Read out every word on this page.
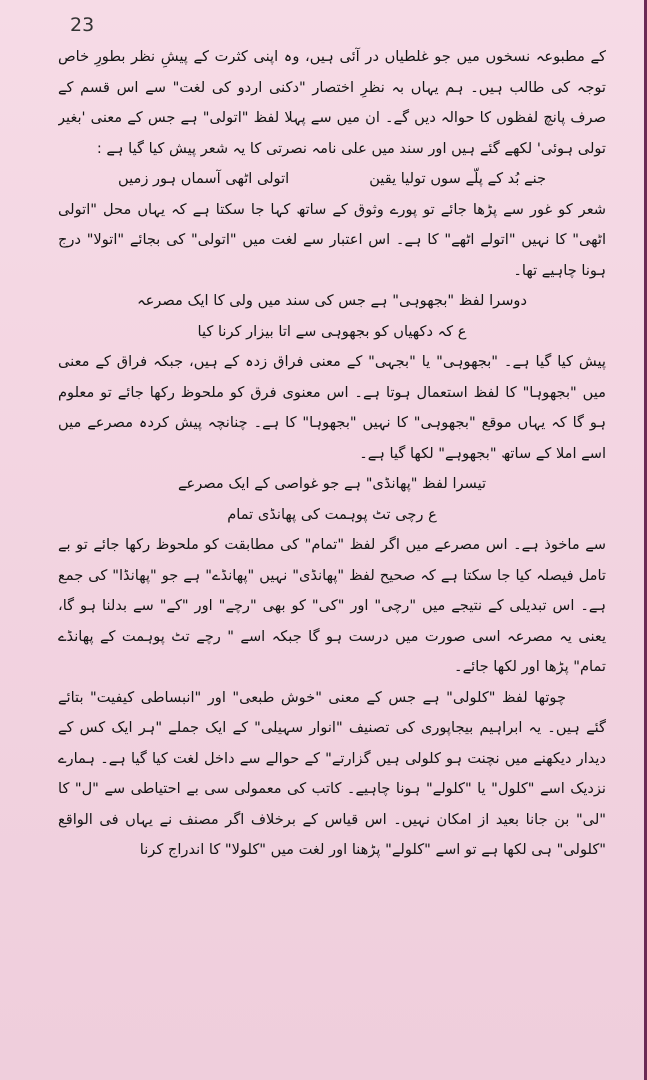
23

کے مطبوعہ نسخوں میں جو غلطیاں در آئی ہیں، وہ اپنی کثرت کے پیشِ نظر بطورِ خاص توجہ کی طالب ہیں۔ ہم یہاں بہ نظرِ اختصار "دکنی اردو کی لغت" سے اس قسم کے صرف پانچ لفظوں کا حوالہ دیں گے۔ ان میں سے پہلا لفظ "اتولی" ہے جس کے معنی 'بغیر تولی ہوئی' لکھے گئے ہیں اور سند میں علی نامہ نصرتی کا یہ شعر پیش کیا گیا ہے :

جنے بُد کے پلّے سوں تولیا یقین
اتولی اٹھی آسماں ہور زمیں

شعر کو غور سے پڑھا جائے تو پورے وثوق کے ساتھ کہا جا سکتا ہے کہ یہاں محل "اتولی اٹھی" کا نہیں "اتولے اٹھے" کا ہے۔ اس اعتبار سے لغت میں "اتولی" کی بجائے "اتولا" درج ہونا چاہیے تھا۔

دوسرا لفظ "بجھوہی" ہے جس کی سند میں ولی کا ایک مصرعہ
ع کہ دکھیاں کو بجھوہی سے اتا بیزار کرنا کیا

پیش کیا گیا ہے۔ "بجھوہی" یا "بجہی" کے معنی فراق زدہ کے ہیں، جبکہ فراق کے معنی میں "بجھوہا" کا لفظ استعمال ہوتا ہے۔ اس معنوی فرق کو ملحوظ رکھا جائے تو معلوم ہو گا کہ یہاں موقع "بجھوہی" کا نہیں "بجھوہا" کا ہے۔ چنانچہ پیش کردہ مصرعے میں اسے املا کے ساتھ "بجھوہے" لکھا گیا ہے۔

تیسرا لفظ "پھانڈی" ہے جو غواصی کے ایک مصرعے
ع رچی تٹ پوہمت کی پھانڈی تمام

سے ماخوذ ہے۔ اس مصرعے میں اگر لفظ "تمام" کی مطابقت کو ملحوظ رکھا جائے تو بے تامل فیصلہ کیا جا سکتا ہے کہ صحیح لفظ "پھانڈی" نہیں "پھانڈے" ہے جو "پھانڈا" کی جمع ہے۔ اس تبدیلی کے نتیجے میں "رچی" اور "کی" کو بھی "رچے" اور "کے" سے بدلنا ہو گا، یعنی یہ مصرعہ اسی صورت میں درست ہو گا جبکہ اسے " رچے تٹ پوہمت کے پھانڈے تمام" پڑھا اور لکھا جائے۔

چوتھا لفظ "کلولی" ہے جس کے معنی "خوش طبعی" اور "انبساطی کیفیت" بتائے گئے ہیں۔ یہ ابراہیم بیجاپوری کی تصنیف "انوار سہیلی" کے ایک جملے "ہر ایک کس کے دیدار دیکھنے میں نچنت ہو کلولی ہیں گزارتے" کے حوالے سے داخل لغت کیا گیا ہے۔ ہمارے نزدیک اسے "کلول" یا "کلولے" ہونا چاہیے۔ کاتب کی معمولی سی بے احتیاطی سے "ل" کا "لی" بن جانا بعید از امکان نہیں۔ اس قیاس کے برخلاف اگر مصنف نے یہاں فی الواقع "کلولی" ہی لکھا ہے تو اسے "کلولے" پڑھنا اور لغت میں "کلولا" کا اندراج کرنا
